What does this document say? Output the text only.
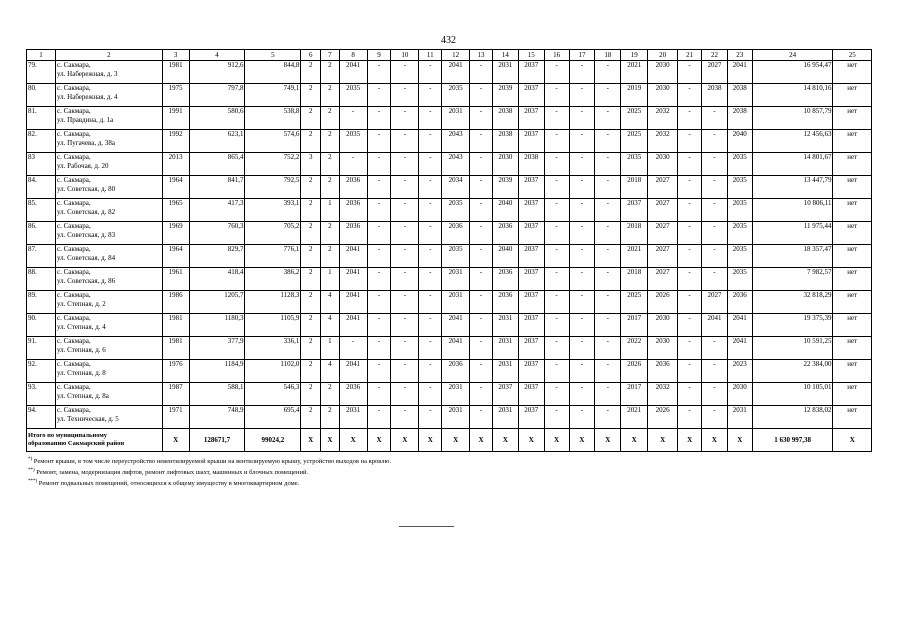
432
1	2	3	4	5	6	7	8	9	10	11	12	13	14	15	16	17	18	19	20	21	22	23	24	25
79.	с. Сакмара,
ул. Набережная, д. 3	1981	912,6	844,8	2	2	2041	-	-	-	2041	-	2031	2037	-	-	-	2021	2030	-	2027	2041	16 954,47	нет
80.	с. Сакмара,
ул. Набережная, д. 4	1975	797,8	749,1	2	2	2035	-	-	-	2035	-	2039	2037	-	-	-	2019	2030	-	2038	2038	14 810,16	нет
81.	с. Сакмара,
ул. Правдина, д. 1а	1991	580,6	538,8	2	2	-	-	-	-	2031	-	2038	2037	-	-	-	2025	2032	-	-	2038	10 857,79	нет
82.	с. Сакмара,
ул. Пугачева, д. 38а	1992	623,1	574,6	2	2	2035	-	-	-	2043	-	2038	2037	-	-	-	2025	2032	-	-	2040	12 456,63	нет
83	с. Сакмара,
ул. Рабочая, д. 20	2013	865,4	752,2	3	2	-	-	-	-	2043	-	2030	2038	-	-	-	2035	2030	-	-	2035	14 801,67	нет
84.	с. Сакмара,
ул. Советская, д. 80	1964	841,7	792,5	2	2	2036	-	-	-	2034	-	2039	2037	-	-	-	2018	2027	-	-	2035	13 447,79	нет
85.	с. Сакмара,
ул. Советская, д. 82	1965	417,3	393,1	2	1	2036	-	-	-	2035	-	2040	2037	-	-	-	2037	2027	-	-	2035	10 806,11	нет
86.	с. Сакмара,
ул. Советская, д. 83	1969	760,3	705,2	2	2	2036	-	-	-	2036	-	2036	2037	-	-	-	2018	2027	-	-	2035	11 975,44	нет
87.	с. Сакмара,
ул. Советская, д. 84	1964	829,7	776,1	2	2	2041	-	-	-	2035	-	2040	2037	-	-	-	2021	2027	-	-	2035	18 357,47	нет
88.	с. Сакмара,
ул. Советская, д. 86	1961	418,4	386,2	2	1	2041	-	-	-	2031	-	2036	2037	-	-	-	2018	2027	-	-	2035	7 982,57	нет
89.	с. Сакмара,
ул. Степная, д. 2	1986	1205,7	1128,3	2	4	2041	-	-	-	2031	-	2036	2037	-	-	-	2025	2026	-	2027	2036	32 818,29	нет
90.	с. Сакмара,
ул. Степная, д. 4	1981	1180,3	1105,9	2	4	2041	-	-	-	2041	-	2031	2037	-	-	-	2017	2030	-	2041	2041	19 375,39	нет
91.	с. Сакмара,
ул. Степная, д. 6	1981	377,9	336,1	2	1	-	-	-	-	2041	-	2031	2037	-	-	-	2022	2030	-	-	2041	10 591,25	нет
92.	с. Сакмара,
ул. Степная, д. 8	1976	1184,9	1102,0	2	4	2041	-	-	-	2036	-	2031	2037	-	-	-	2026	2036	-	-	2023	22 384,00	нет
93.	с. Сакмара,
ул. Степная, д. 8а	1987	588,1	546,3	2	2	2036	-	-	-	2031	-	2037	2037	-	-	-	2017	2032	-	-	2030	10 105,01	нет
94.	с. Сакмара,
ул. Техническая, д. 5	1971	748,9	695,4	2	2	2031	-	-	-	2031	-	2031	2037	-	-	-	2021	2026	-	-	2031	12 838,02	нет

Итого по муниципальному
образованию Сакмарский район		X	128671,7	99024,2	X	X	X	X	X	X	X	X	X	X	X	X	X	X	X	X	X	X	1 630 997,38	X
*) Ремонт крыши, в том числе переустройство невентилируемой крыши на вентилируемую крышу, устройство выходов на кровлю.
**) Ремонт, замена, модернизация лифтов, ремонт лифтовых шахт, машинных и блочных помещений.
***) Ремонт подвальных помещений, относящихся к общему имуществу в многоквартирном доме.
